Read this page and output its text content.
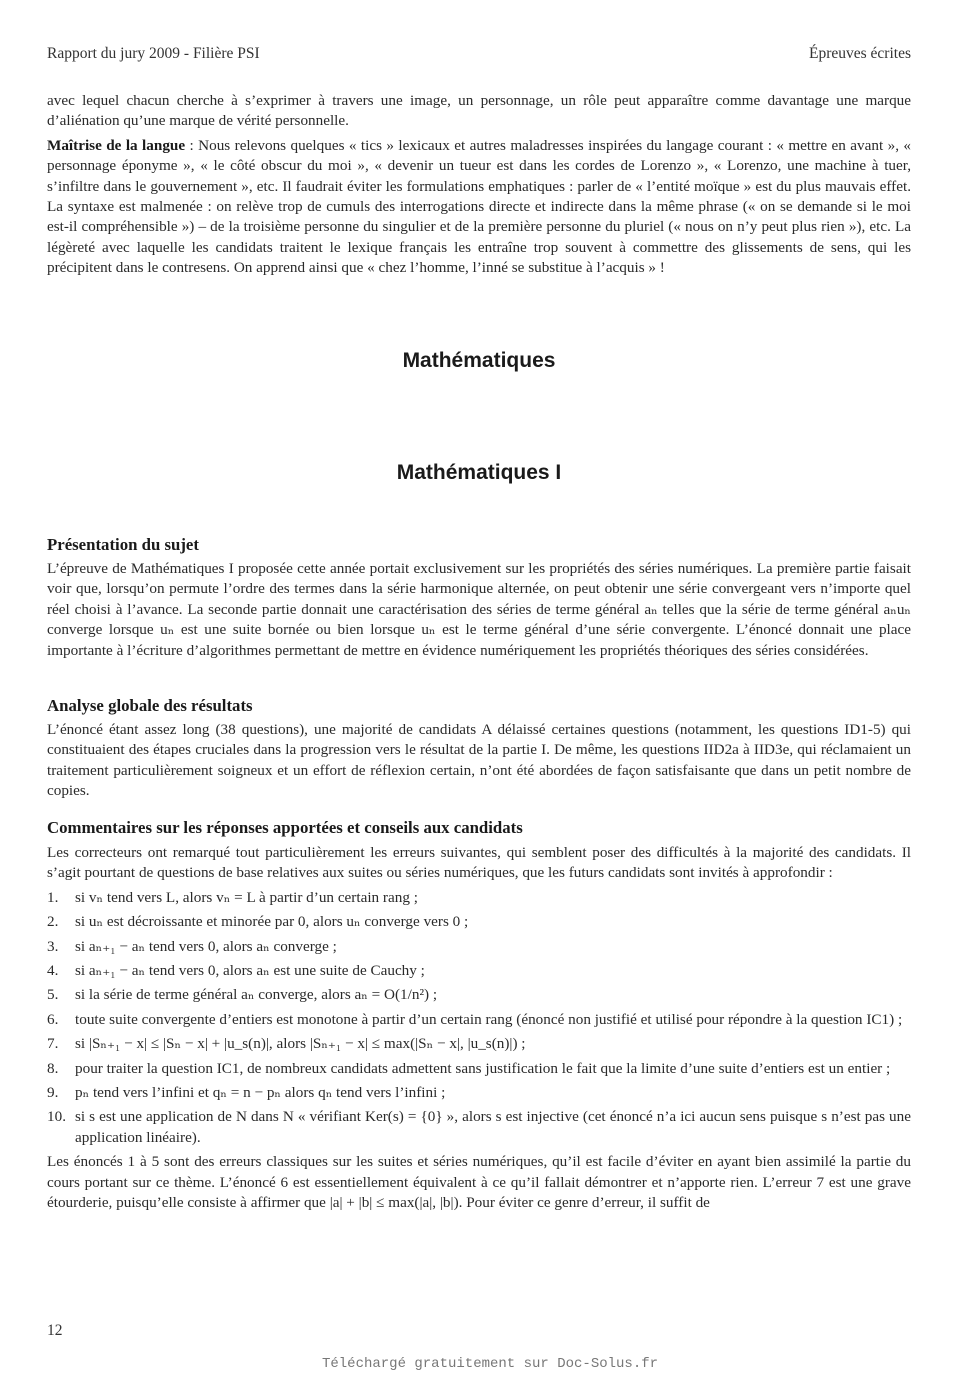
Rapport du jury 2009 - Filière PSI	Épreuves écrites

avec lequel chacun cherche à s’exprimer à travers une image, un personnage, un rôle peut apparaître comme davantage une marque d’aliénation qu’une marque de vérité personnelle.

Maîtrise de la langue : Nous relevons quelques « tics » lexicaux et autres maladresses inspirées du langage courant : « mettre en avant », « personnage éponyme », « le côté obscur du moi », « devenir un tueur est dans les cordes de Lorenzo », « Lorenzo, une machine à tuer, s’infiltre dans le gouvernement », etc. Il faudrait éviter les formulations emphatiques : parler de « l’entité moïque » est du plus mauvais effet. La syntaxe est malmenée : on relève trop de cumuls des interrogations directe et indirecte dans la même phrase (« on se demande si le moi est-il compréhensible ») – de la troisième personne du singulier et de la première personne du pluriel (« nous on n’y peut plus rien »), etc. La légèreté avec laquelle les candidats traitent le lexique français les entraîne trop souvent à commettre des glissements de sens, qui les précipitent dans le contresens. On apprend ainsi que « chez l’homme, l’inné se substitue à l’acquis » !

Mathématiques
Mathématiques I
Présentation du sujet

L’épreuve de Mathématiques I proposée cette année portait exclusivement sur les propriétés des séries numériques. La première partie faisait voir que, lorsqu’on permute l’ordre des termes dans la série harmonique alternée, on peut obtenir une série convergeant vers n’importe quel réel choisi à l’avance. La seconde partie donnait une caractérisation des séries de terme général aₙ telles que la série de terme général aₙuₙ converge lorsque uₙ est une suite bornée ou bien lorsque uₙ est le terme général d’une série convergente. L’énoncé donnait une place importante à l’écriture d’algorithmes permettant de mettre en évidence numériquement les propriétés théoriques des séries considérées.

Analyse globale des résultats

L’énoncé étant assez long (38 questions), une majorité de candidats A délaissé certaines questions (notamment, les questions ID1-5) qui constituaient des étapes cruciales dans la progression vers le résultat de la partie I. De même, les questions IID2a à IID3e, qui réclamaient un traitement particulièrement soigneux et un effort de réflexion certain, n’ont été abordées de façon satisfaisante que dans un petit nombre de copies.

Commentaires sur les réponses apportées et conseils aux candidats

Les correcteurs ont remarqué tout particulièrement les erreurs suivantes, qui semblent poser des difficultés à la majorité des candidats. Il s’agit pourtant de questions de base relatives aux suites ou séries numériques, que les futurs candidats sont invités à approfondir :

1. si vₙ tend vers L, alors vₙ = L à partir d’un certain rang ;
2. si uₙ est décroissante et minorée par 0, alors uₙ converge vers 0 ;
3. si aₙ₊₁ − aₙ tend vers 0, alors aₙ converge ;
4. si aₙ₊₁ − aₙ tend vers 0, alors aₙ est une suite de Cauchy ;
5. si la série de terme général aₙ converge, alors aₙ = O(1/n²) ;
6. toute suite convergente d’entiers est monotone à partir d’un certain rang (énoncé non justifié et utilisé pour répondre à la question IC1) ;
7. si |Sₙ₊₁ − x| ≤ |Sₙ − x| + |u_s(n)|, alors |Sₙ₊₁ − x| ≤ max(|Sₙ − x|, |u_s(n)|) ;
8. pour traiter la question IC1, de nombreux candidats admettent sans justification le fait que la limite d’une suite d’entiers est un entier ;
9. pₙ tend vers l’infini et qₙ = n − pₙ alors qₙ tend vers l’infini ;
10. si s est une application de N dans N « vérifiant Ker(s) = {0} », alors s est injective (cet énoncé n’a ici aucun sens puisque s n’est pas une application linéaire).

Les énoncés 1 à 5 sont des erreurs classiques sur les suites et séries numériques, qu’il est facile d’éviter en ayant bien assimilé la partie du cours portant sur ce thème. L’énoncé 6 est essentiellement équivalent à ce qu’il fallait démontrer et n’apporte rien. L’erreur 7 est une grave étourderie, puisqu’elle consiste à affirmer que |a| + |b| ≤ max(|a|, |b|). Pour éviter ce genre d’erreur, il suffit de

12
Téléchargé gratuitement sur Doc-Solus.fr
